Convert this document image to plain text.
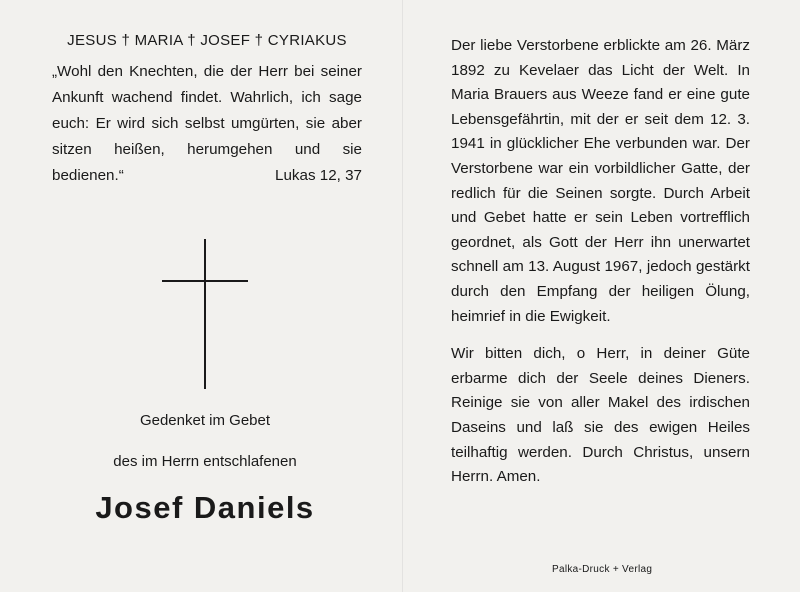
JESUS † MARIA † JOSEF † CYRIAKUS

„Wohl den Knechten, die der Herr bei seiner Ankunft wachend findet. Wahrlich, ich sage euch: Er wird sich selbst umgürten, sie aber sitzen heißen, herumgehen und sie bedienen.“	Lukas 12, 37
Gedenket im Gebet
des im Herrn entschlafenen
Josef Daniels

Der liebe Verstorbene erblickte am 26. März 1892 zu Kevelaer das Licht der Welt. In Maria Brauers aus Weeze fand er eine gute Lebensgefährtin, mit der er seit dem 12. 3. 1941 in glücklicher Ehe verbunden war. Der Verstorbene war ein vorbildlicher Gatte, der redlich für die Seinen sorgte. Durch Arbeit und Gebet hatte er sein Leben vortrefflich geordnet, als Gott der Herr ihn unerwartet schnell am 13. August 1967, jedoch gestärkt durch den Empfang der heiligen Ölung, heimrief in die Ewigkeit.

Wir bitten dich, o Herr, in deiner Güte erbarme dich der Seele deines Dieners. Reinige sie von aller Makel des irdischen Daseins und laß sie des ewigen Heiles teilhaftig werden. Durch Christus, unsern Herrn. Amen.

Palka-Druck + Verlag
